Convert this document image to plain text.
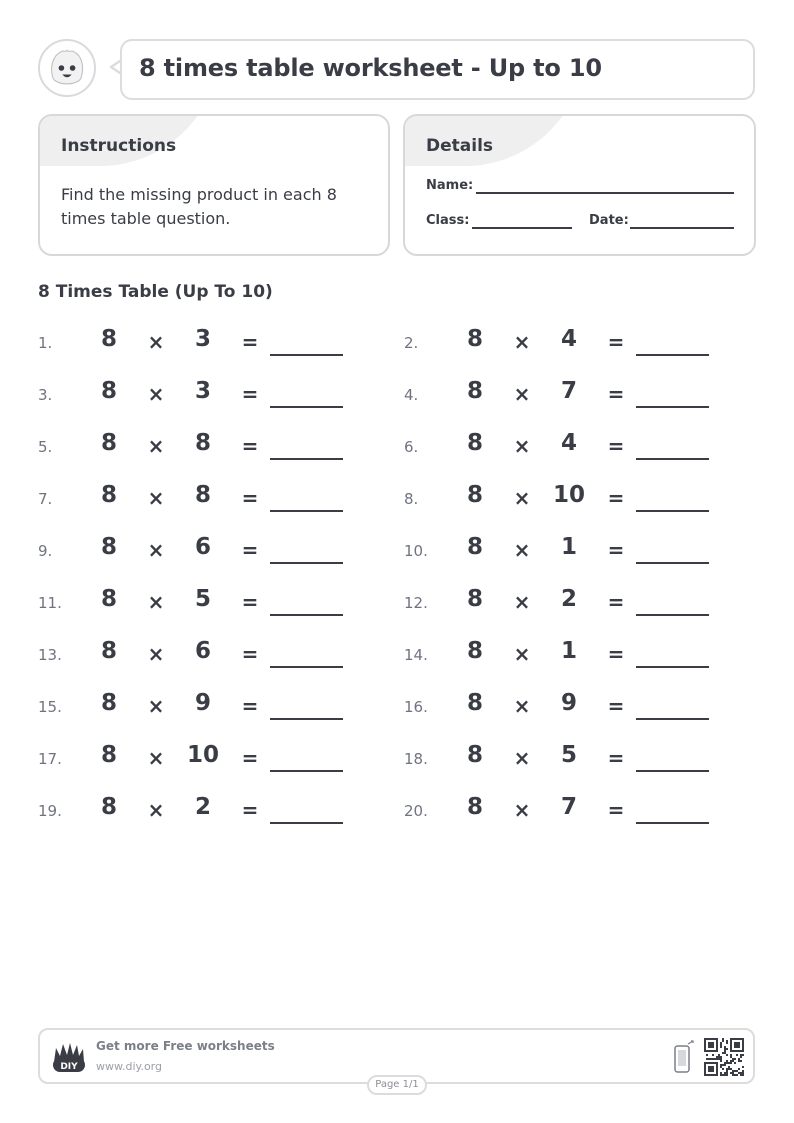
8 times table worksheet - Up to 10
Instructions
Find the missing product in each 8 times table question.
Details
Name:
Class:	Date:
8 Times Table (Up To 10)
1. 8 ×	3	=	2. 8 ×	4	=
3. 8 ×	3	=	4. 8 ×	7	=
5. 8 ×	8	=	6. 8 ×	4	=
7. 8 ×	8	=	8. 8 × 10 =
9. 8 ×	6	=	10. 8 ×	1	=
11. 8 ×	5	=	12. 8 ×	2	=
13. 8 ×	6	=	14. 8 ×	1	=
15. 8 ×	9	=	16. 8 ×	9	=
17. 8 × 10 =	18. 8 ×	5	=
19. 8 ×	2	=	20. 8 ×	7	=
DIY
Get more Free worksheets
www.diy.org
Page 1/1
